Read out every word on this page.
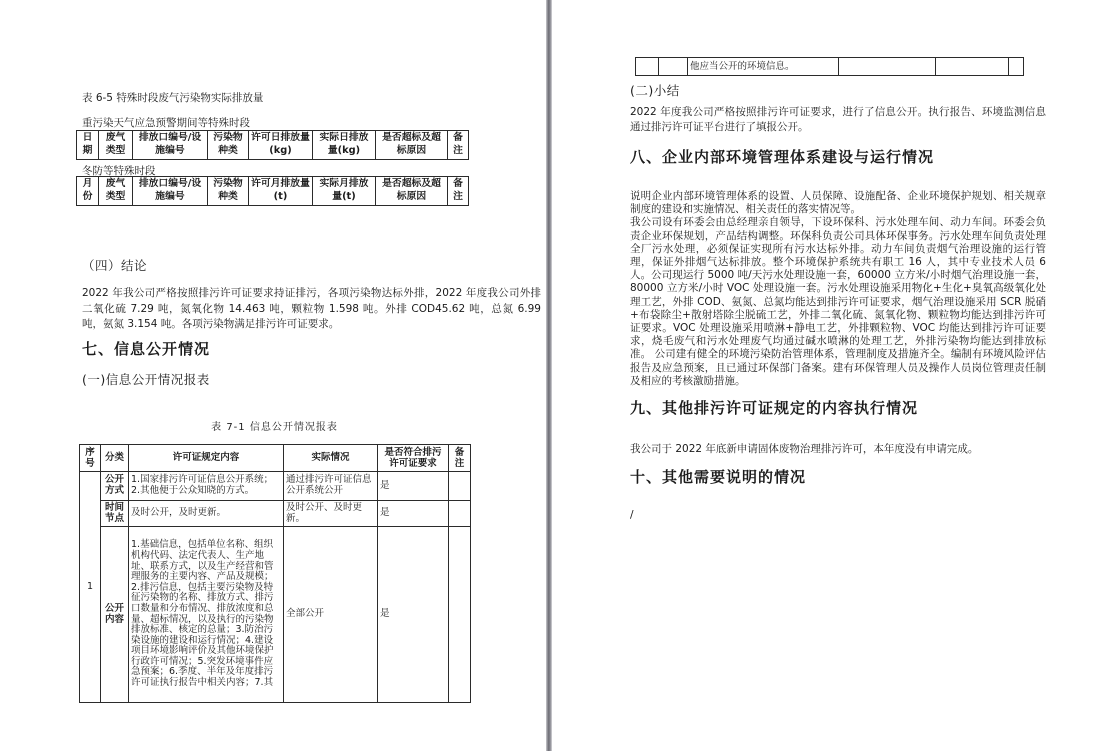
表 6-5 特殊时段废气污染物实际排放量
重污染天气应急预警期间等特殊时段
日期	废气类型	排放口编号/设施编号	污染物种类	许可日排放量(kg)	实际日排放量(kg)	是否超标及超标原因	备注
冬防等特殊时段
月份	废气类型	排放口编号/设施编号	污染物种类	许可月排放量(t)	实际月排放量(t)	是否超标及超标原因	备注
（四）结论
2022 年我公司严格按照排污许可证要求持证排污，各项污染物达标外排，2022 年度我公司外排二氧化硫 7.29 吨，氮氧化物 14.463 吨，颗粒物 1.598 吨。外排 COD45.62 吨，总氮 6.99 吨，氨氮 3.154 吨。各项污染物满足排污许可证要求。
七、信息公开情况
(一)信息公开情况报表
表 7-1 信息公开情况报表
序号	分类	许可证规定内容	实际情况	是否符合排污许可证要求	备注
1	公开方式	1.国家排污许可证信息公开系统；2.其他便于公众知晓的方式。	通过排污许可证信息公开系统公开	是	
	时间节点	及时公开，及时更新。	及时公开、及时更新。	是	
	公开内容	1.基础信息，包括单位名称、组织机构代码、法定代表人、生产地址、联系方式，以及生产经营和管理服务的主要内容、产品及规模；2.排污信息，包括主要污染物及特征污染物的名称、排放方式、排污口数量和分布情况、排放浓度和总量、超标情况，以及执行的污染物排放标准、核定的总量；3.防治污染设施的建设和运行情况；4.建设项目环境影响评价及其他环境保护行政许可情况；5.突发环境事件应急预案；6.季度、半年及年度排污许可证执行报告中相关内容；7.其	全部公开	是	
		他应当公开的环境信息。			
(二)小结
2022 年度我公司严格按照排污许可证要求，进行了信息公开。执行报告、环境监测信息通过排污许可证平台进行了填报公开。
八、企业内部环境管理体系建设与运行情况

说明企业内部环境管理体系的设置、人员保障、设施配备、企业环境保护规划、相关规章制度的建设和实施情况、相关责任的落实情况等。

我公司设有环委会由总经理亲自领导，下设环保科、污水处理车间、动力车间。环委会负责企业环保规划，产品结构调整。环保科负责公司具体环保事务。污水处理车间负责处理全厂污水处理，必须保证实现所有污水达标外排。动力车间负责烟气治理设施的运行管理，保证外排烟气达标排放。整个环境保护系统共有职工 16 人，其中专业技术人员 6 人。公司现运行 5000 吨/天污水处理设施一套，60000 立方米/小时烟气治理设施一套，80000 立方米/小时 VOC 处理设施一套。污水处理设施采用物化+生化+臭氧高级氧化处理工艺，外排 COD、氨氮、总氮均能达到排污许可证要求，烟气治理设施采用 SCR 脱硝+布袋除尘+散射塔除尘脱硫工艺，外排二氧化硫、氮氧化物、颗粒物均能达到排污许可证要求。VOC 处理设施采用喷淋+静电工艺，外排颗粒物、VOC 均能达到排污许可证要求，烧毛废气和污水处理废气均通过碱水喷淋的处理工艺，外排污染物均能达到排放标准。 公司建有健全的环境污染防治管理体系，管理制度及措施齐全。编制有环境风险评估报告及应急预案，且已通过环保部门备案。建有环保管理人员及操作人员岗位管理责任制及相应的考核激励措施。

九、其他排污许可证规定的内容执行情况
我公司于 2022 年底新申请固体废物治理排污许可，本年度没有申请完成。
十、其他需要说明的情况
/
